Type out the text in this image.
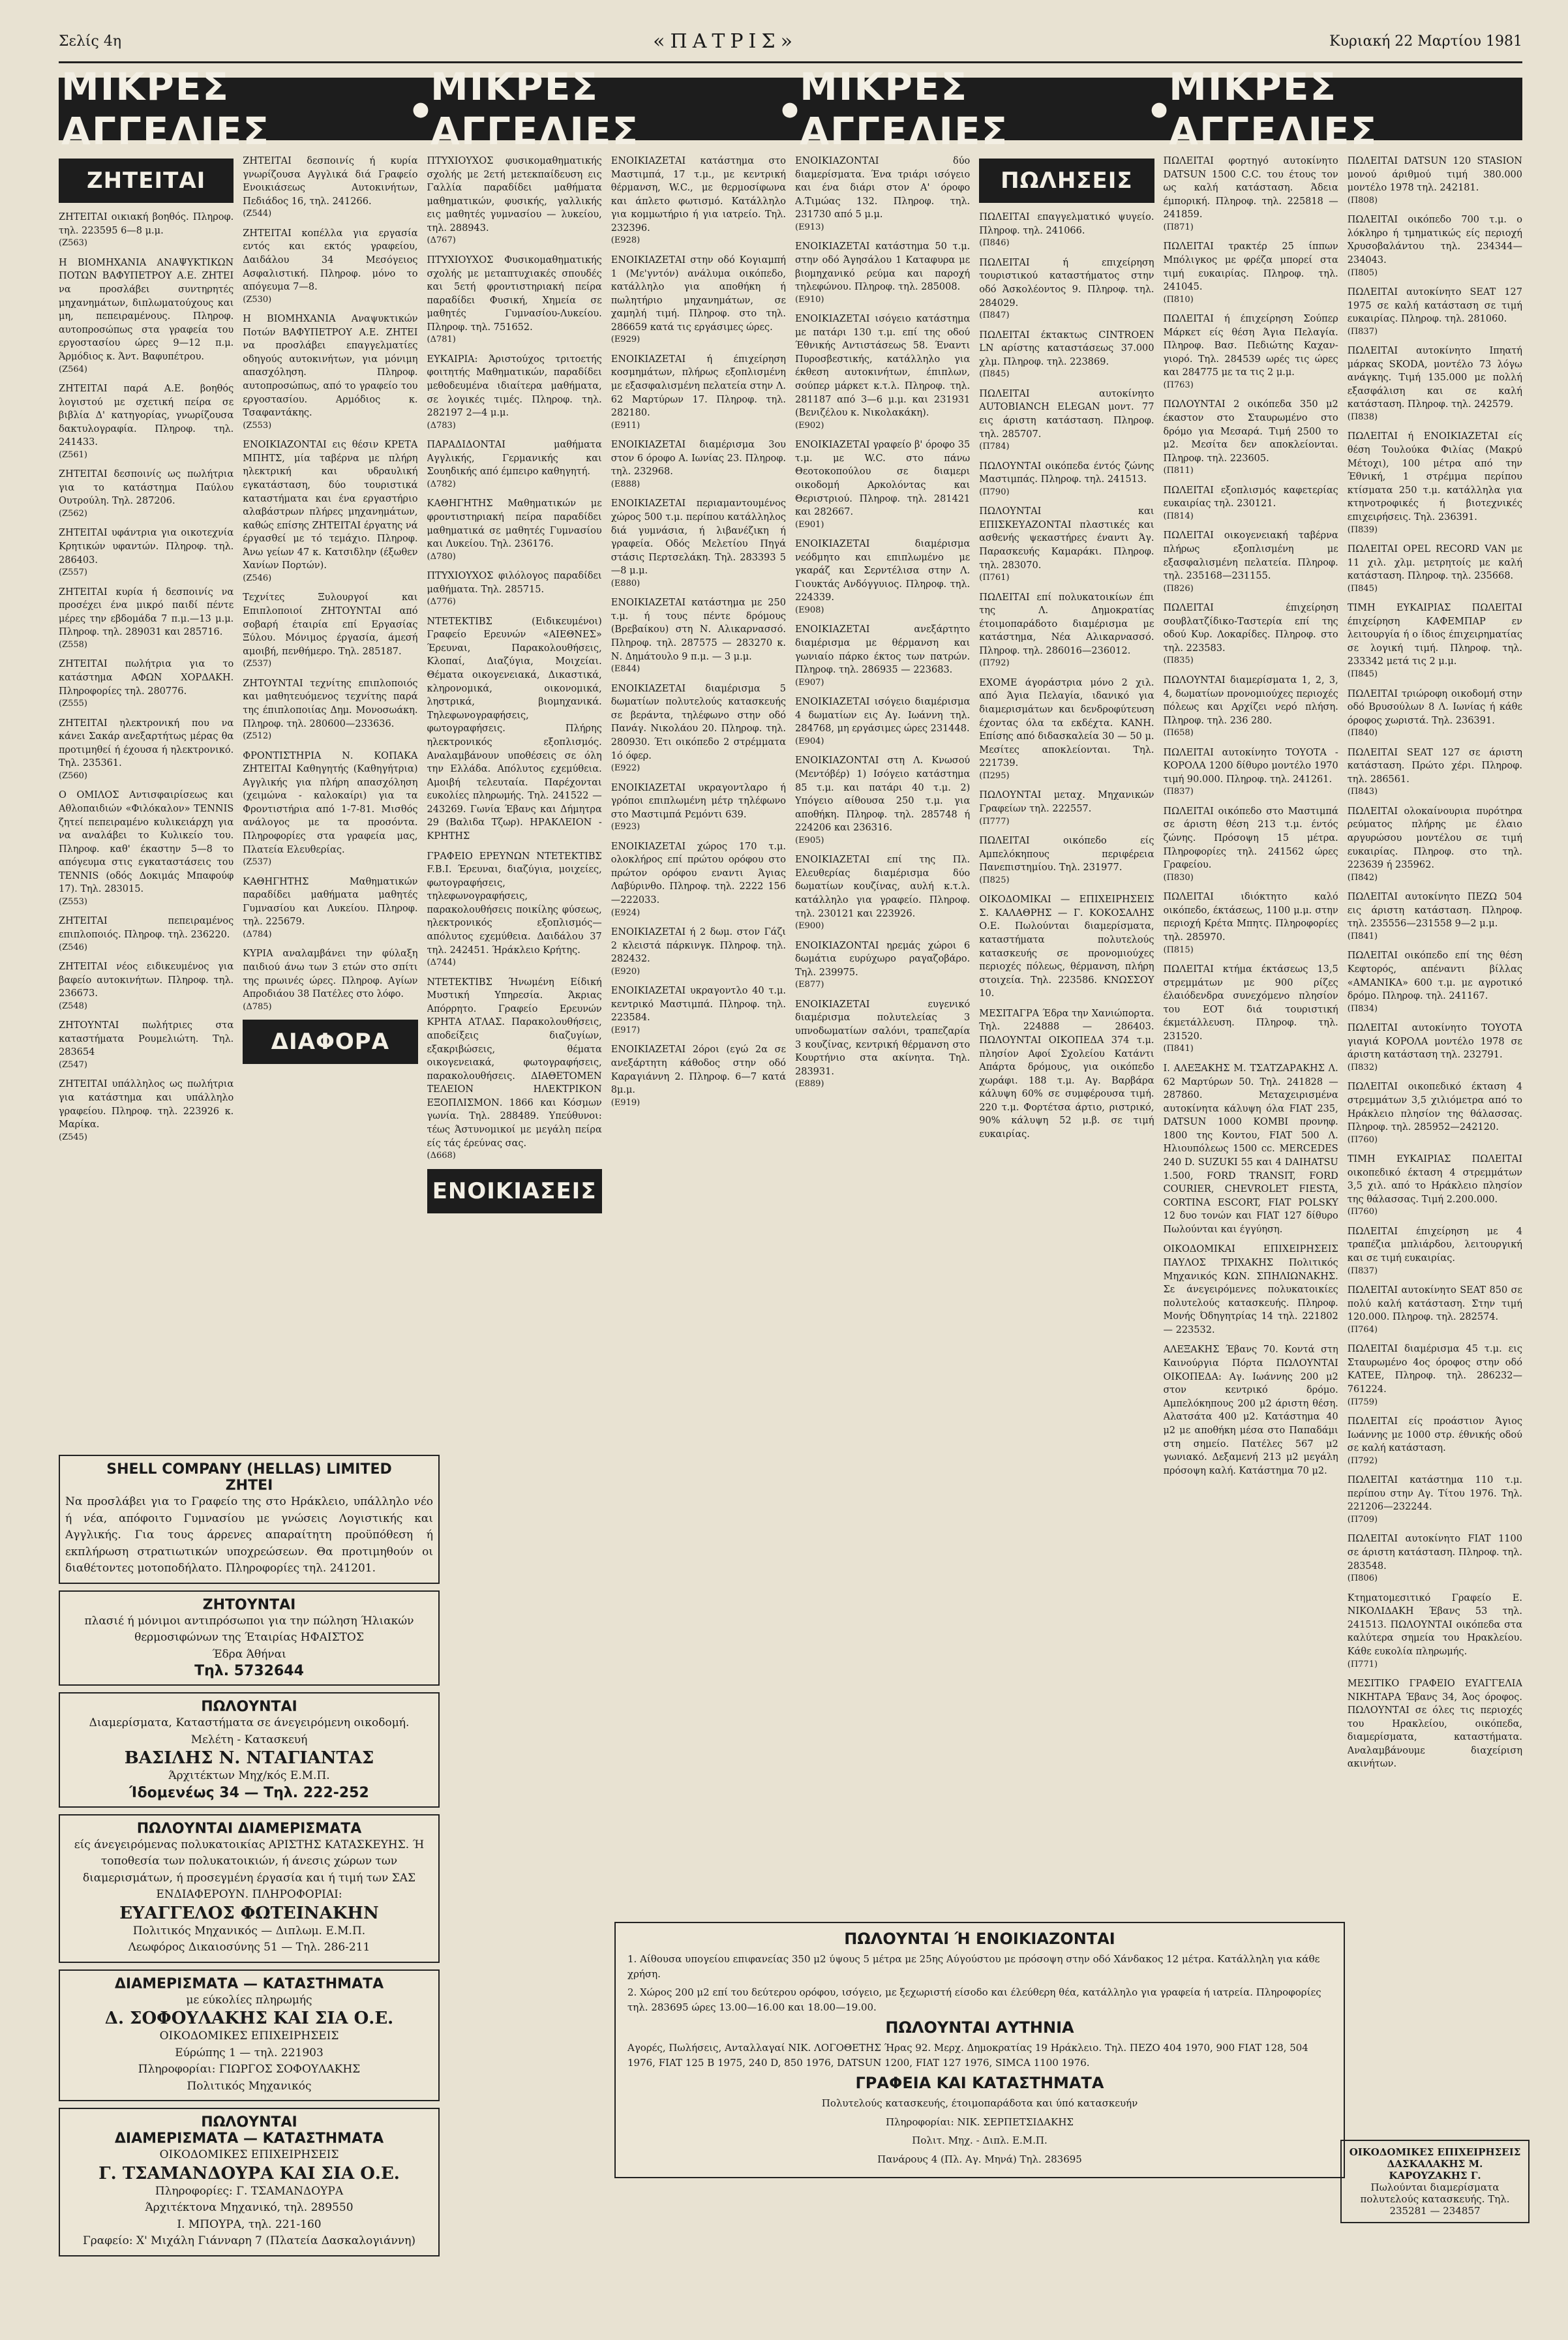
Σελίς 4η	«ΠΑΤΡΙΣ»	Κυριακή 22 Μαρτίου 1981
ΜΙΚΡΕΣ ΑΓΓΕΛΙΕΣ	● ΜΙΚΡΕΣ ΑΓΓΕΛΙΕΣ	● ΜΙΚΡΕΣ ΑΓΓΕΛΙΕΣ	● ΜΙΚΡΕΣ ΑΓΓΕΛΙΕΣ
ΖΗΤΕΙΤΑΙ
ΖΗΤΕΙΤΑΙ οικιακή βοηθός. Πληροφ. τηλ. 223595 6—8 μ.μ.
(Ζ563)
Η ΒΙΟΜΗΧΑΝΙΑ ΑΝΑΨΥΚΤΙΚΩΝ ΠΟΤΩΝ ΒΑΦΥΠΕΤΡΟΥ Α.Ε. ΖΗΤΕΙ να προσλάβει συντηρητές μηχανημάτων, διπλωματούχους και μη, πεπειραμένους. Πληροφ. αυτοπροσώπως στα γραφεία του εργοστασίου ώρες 9—12 π.μ. Άρμόδιος κ. Άντ. Βαφυπέτρου.
(Ζ564)
ΖΗΤΕΙΤΑΙ παρά Α.Ε. βοηθός λογιστού με σχετική πείρα σε βιβλία Δ' κατηγορίας, γνωρίζουσα δακτυλογραφία. Πληροφ. τηλ. 241433.
(Ζ561)
ΖΗΤΕΙΤΑΙ δεσποινίς ως πωλήτρια για το κατάστημα Παύλου Ουτρούλη. Τηλ. 287206.
(Ζ562)
ΖΗΤΕΙΤΑΙ υφάντρια για οικοτεχνία Κρητικών υφαντών. Πληροφ. τηλ. 286403.
(Ζ557)
ΖΗΤΕΙΤΑΙ κυρία ή δεσποινίς να προσέχει ένα μικρό παιδί πέντε μέρες την εβδομάδα 7 π.μ.—13 μ.μ. Πληροφ. τηλ. 289031 και 285716.
(Ζ558)
ΖΗΤΕΙΤΑΙ πωλήτρια για το κατάστημα ΑΦΩΝ ΧΟΡΔΑΚΗ. Πληροφορίες τηλ. 280776.
(Ζ555)
ΖΗΤΕΙΤΑΙ ηλεκτρονική που να κάνει Σακάρ ανεξαρτήτως μέρας θα προτιμηθεί ή έχουσα ή ηλεκτρονικό. Τηλ. 235361.
(Ζ560)
Ο ΟΜΙΛΟΣ Αντισφαιρίσεως και Αθλοπαιδιών «Φιλόκαλον» TENNIS ζητεί πεπειραμένο κυλικειάρχη για να αναλάβει το Κυλικείο του. Πληροφ. καθ' έκαστην 5—8 το απόγευμα στις εγκαταστάσεις του TENNIS (οδός Δοκιμάς Μπαφούφ 17). Τηλ. 283015.
(Ζ553)
ΖΗΤΕΙΤΑΙ πεπειραμένος επιπλοποιός. Πληροφ. τηλ. 236220.
(Ζ546)
ΖΗΤΕΙΤΑΙ νέος ειδικευμένος για βαφείο αυτοκινήτων. Πληροφ. τηλ. 236673.
(Ζ548)
ΖΗΤΟΥΝΤΑΙ πωλήτριες στα καταστήματα Ρουμελιώτη. Τηλ. 283654
(Ζ547)
ΖΗΤΕΙΤΑΙ υπάλληλος ως πωλήτρια για κατάστημα και υπάλληλο γραφείου. Πληροφ. τηλ. 223926 κ. Μαρίκα.
(Ζ545)
ΖΗΤΕΙΤΑΙ δεσποινίς ή κυρία γνωρίζουσα Αγγλικά διά Γραφείο Ενοικιάσεως Αυτοκινήτων, Πεδιάδος 16, τηλ. 241266.
(Ζ544)
ΖΗΤΕΙΤΑΙ κοπέλλα για εργασία εντός και εκτός γραφείου, Δαιδάλου 34 Μεσόγειος Ασφαλιστική. Πληροφ. μόνο το απόγευμα 7—8.
(Ζ530)
Η ΒΙΟΜΗΧΑΝΙΑ Αναψυκτικών Ποτών ΒΑΦΥΠΕΤΡΟΥ Α.Ε. ΖΗΤΕΙ να προσλάβει επαγγελματίες οδηγούς αυτοκινήτων, για μόνιμη απασχόληση. Πληροφ. αυτοπροσώπως, από το γραφείο του εργοστασίου. Αρμόδιος κ. Τσαφαντάκης.
(Ζ553)
ΕΝΟΙΚΙΑΖΟΝΤΑΙ εις θέσιν ΚΡΕΤΑ ΜΠΗΤΣ, μία ταβέρνα με πλήρη ηλεκτρική και υδραυλική εγκατάσταση, δύο τουριστικά καταστήματα και ένα εργαστήριο αλαβάστρων πλήρες μηχανημάτων, καθώς επίσης ΖΗΤΕΙΤΑΙ έργατης νά έργασθεί με τό τεμάχιο. Πληροφ. Άνω γείων 47 κ. Κατσιδλην (έξωθεν Χανίων Πορτών).
(Ζ546)
Τεχνίτες Ξυλουργοί και Επιπλοποιοί ΖΗΤΟΥΝΤΑΙ από σοβαρή έταιρία επί Εργασίας Ξύλου. Μόνιμος έργασία, άμεσή αμοιβή, πενθήμερο. Τηλ. 285187.
(Ζ537)
ΖΗΤΟΥΝΤΑΙ τεχνίτης επιπλοποιός και μαθητευόμενος τεχνίτης παρά της έπιπλοποιίας Δημ. Μονοσωάκη. Πληροφ. τηλ. 280600—233636.
(Ζ512)
ΦΡΟΝΤΙΣΤΗΡΙΑ Ν. ΚΟΠΑΚΑ ΖΗΤΕΙΤΑΙ Καθηγητής (Καθηγήτρια) Αγγλικής για πλήρη απασχόληση (χειμώνα - καλοκαίρι) για τα Φροντιστήρια από 1-7-81. Μισθός ανάλογος με τα προσόντα. Πληροφορίες στα γραφεία μας, Πλατεία Ελευθερίας.
(Ζ537)
ΚΑΘΗΓΗΤΗΣ Μαθηματικών παραδίδει μαθήματα μαθητές Γυμνασίου και Λυκείου. Πληροφ. τηλ. 225679.
(Δ784)
ΚΥΡΙΑ αναλαμβάνει την φύλαξη παιδιού άνω των 3 ετών στο σπίτι της πρωινές ώρες. Πληροφ. Αγίων Απροδιάου 38 Πατέλες στο λόφο.
(Δ785)
ΔΙΑΦΟΡΑ
ΠΤΥΧΙΟΥΧΟΣ φυσικομαθηματικής σχολής με 2ετή μετεκπαίδευση εις Γαλλία παραδίδει μαθήματα μαθηματικών, φυσικής, γαλλικής εις μαθητές γυμνασίου — λυκείου, τηλ. 288943.
(Δ767)
ΠΤΥΧΙΟΥΧΟΣ Φυσικομαθηματικής σχολής με μεταπτυχιακές σπουδές και 5ετή φροντιστηριακή πείρα παραδίδει Φυσική, Χημεία σε μαθητές Γυμνασίου-Λυκείου. Πληροφ. τηλ. 751652.
(Δ781)
ΕΥΚΑΙΡΙΑ: Άριστούχος τριτοετής φοιτητής Μαθηματικών, παραδίδει μεθοδευμένα ιδιαίτερα μαθήματα, σε λογικές τιμές. Πληροφ. τηλ. 282197 2—4 μ.μ.
(Δ783)
ΠΑΡΑΔΙΔΟΝΤΑΙ μαθήματα Αγγλικής, Γερμανικής και Σουηδικής από έμπειρο καθηγητή.
(Δ782)
ΚΑΘΗΓΗΤΗΣ Μαθηματικών με φροντιστηριακή πείρα παραδίδει μαθηματικά σε μαθητές Γυμνασίου και Λυκείου. Τηλ. 236176.
(Δ780)
ΠΤΥΧΙΟΥΧΟΣ φιλόλογος παραδίδει μαθήματα. Τηλ. 285715.
(Δ776)
ΝΤΕΤΕΚΤΙΒΣ (Ειδικευμένοι) Γραφείο Ερευνών «ΑΙΕΘΝΕΣ» Έρευναι, Παρακολουθήσεις, Κλοπαί, Διαζύγια, Μοιχείαι. Θέματα οικογενειακά, Δικαστικά, κληρονομικά, οικονομικά, ληστρικά, βιομηχανικά. Τηλεφωνογραφήσεις, φωτογραφήσεις. Πλήρης ηλεκτρονικός εξοπλισμός. Αναλαμβάνουν υποθέσεις σε όλη την Ελλάδα. Απόλυτος εχεμύθεια. Αμοιβή τελευταία. Παρέχονται ευκολίες πληρωμής. Τηλ. 241522 — 243269. Γωνία Έβανς και Δήμητρα 29 (Βαλιδα Τζωρ). ΗΡΑΚΛΕΙΟΝ - ΚΡΗΤΗΣ
ΓΡΑΦΕΙΟ ΕΡΕΥΝΩΝ ΝΤΕΤΕΚΤΙΒΣ F.B.I. Έρευναι, διαζύγια, μοιχείες, φωτογραφήσεις, τηλεφωνογραφήσεις, παρακολουθήσεις ποικίλης φύσεως, ηλεκτρονικός εξοπλισμός—απόλυτος εχεμύθεια. Δαιδάλου 37 τηλ. 242451. Ήράκλειο Κρήτης.
(Δ744)
ΝΤΕΤΕΚΤΙΒΣ Ήνωμένη Είδική Μυστική Υπηρεσία. Άκριας Απόρρητο. Γραφείο Ερευνών ΚΡΗΤΑ ΑΤΛΑΣ. Παρακολουθήσεις, αποδείξεις διαζυγίων, εξακριβώσεις, θέματα οικογενειακά, φωτογραφήσεις, παρακολουθήσεις. ΔΙΑΘΕΤΟΜΕΝ ΤΕΛΕΙΟΝ ΗΛΕΚΤΡΙΚΟΝ ΕΞΟΠΛΙΣΜΟΝ. 1866 και Κόσμων γωνία. Τηλ. 288489. Υπεύθυνοι: τέως Άστυνομικοί με μεγάλη πείρα είς τάς έρεύνας σας.
(Δ668)
ΕΝΟΙΚΙΑΣΕΙΣ
ΕΝΟΙΚΙΑΖΕΤΑΙ κατάστημα στο Μαστιμπά, 17 τ.μ., με κεντρική θέρμανση, W.C., με θερμοσίφωνα και άπλετο φωτισμό. Κατάλληλο για κομμωτήριο ή για ιατρείο. Τηλ. 232396.
(Ε928)
ΕΝΟΙΚΙΑΖΕΤΑΙ στην οδό Κογιαμπή 1 (Με'γντόν) ανάλυμα οικόπεδο, κατάλληλο για αποθήκη ή πωλητήριο μηχανημάτων, σε χαμηλή τιμή. Πληροφ. στο τηλ. 286659 κατά τις εργάσιμες ώρες.
(Ε929)
ΕΝΟΙΚΙΑΖΕΤΑΙ ή έπιχείρηση κοσμημάτων, πλήρως εξοπλισμένη με εξασφαλισμένη πελατεία στην Λ. 62 Μαρτύρων 17. Πληροφ. τηλ. 282180.
(Ε911)
ΕΝΟΙΚΙΑΖΕΤΑΙ διαμέρισμα 3ου στον 6 όροφο Α. Ιωνίας 23. Πληροφ. τηλ. 232968.
(Ε888)
ΕΝΟΙΚΙΑΖΕΤΑΙ περιαμαντουμένος χώρος 500 τ.μ. περίπου κατάλληλος διά γυμνάσια, ή λιβανέζικη ή γραφεία. Οδός Μελετίου Πηγά στάσις Περτσελάκη. Τηλ. 283393 5—8 μ.μ.
(Ε880)
ΕΝΟΙΚΙΑΖΕΤΑΙ κατάστημα με 250 τ.μ. ή τους πέντε δρόμους (Βρεβαίκου) στη Ν. Αλικαρνασσό. Πληροφ. τηλ. 287575 — 283270 κ. Ν. Δημάτουλο 9 π.μ. — 3 μ.μ.
(Ε844)
ΕΝΟΙΚΙΑΖΕΤΑΙ διαμέρισμα 5 δωματίων πολυτελούς κατασκευής σε βεράντα, τηλέφωνο στην οδό Πανάγ. Νικολάου 20. Πληροφ. τηλ. 280930. Έτι οικόπεδο 2 στρέμματα 1ό όφερ.
(Ε922)
ΕΝΟΙΚΙΑΖΕΤΑΙ υκραγοντλαρο ή γρόποι επιπλωμένη μέτρ τηλέφωνο στο Μαστιμπά Ρεμόντι 639.
(Ε923)
ΕΝΟΙΚΙΑΖΕΤΑΙ χώρος 170 τ.μ. ολοκλήρος επί πρώτου ορόφου στο πρώτον ορόφου εναντι Άγιας Λαβύρινθο. Πληροφ. τηλ. 2222 156—222033.
(Ε924)
ΕΝΟΙΚΙΑΖΕΤΑΙ ή 2 δωμ. στον Γάζι 2 κλειστά πάρκινγκ. Πληροφ. τηλ. 282432.
(Ε920)
ΕΝΟΙΚΙΑΖΕΤΑΙ υκραγοντλο 40 τ.μ. κεντρικό Μαστιμπά. Πληροφ. τηλ. 223584.
(Ε917)
ΕΝΟΙΚΙΑΖΕΤΑΙ 2όροι (εγώ 2α σε ανεξάρτητη κάθοδος στην οδό Καραγιάννη 2. Πληροφ. 6—7 κατά 8μ.μ.
(Ε919)
ΕΝΟΙΚΙΑΖΟΝΤΑΙ δύο διαμερίσματα. Ένα τριάρι ισόγειο και ένα διάρι στον Α' όροφο Α.Τιμώας 132. Πληροφ. τηλ. 231730 από 5 μ.μ.
(Ε913)
ΕΝΟΙΚΙΑΖΕΤΑΙ κατάστημα 50 τ.μ. στην οδό Άγησάλου 1 Καταφυρα με βιομηχανικό ρεύμα και παροχή τηλεφώνου. Πληροφ. τηλ. 285008.
(Ε910)
ΕΝΟΙΚΙΑΖΕΤΑΙ ισόγειο κατάστημα με πατάρι 130 τ.μ. επί της οδού Έθνικής Αντιστάσεως 58. Έναντι Πυροσβεστικής, κατάλληλο για έκθεση αυτοκινήτων, έπιπλων, σούπερ μάρκετ κ.τ.λ. Πληροφ. τηλ. 281187 από 3—6 μ.μ. και 231931 (Βενιζέλου κ. Νικολακάκη).
(Ε902)
ΕΝΟΙΚΙΑΖΕΤΑΙ γραφείο β' όροφο 35 τ.μ. με W.C. στο πάνω Θεοτοκοπούλου σε διαμερι οικοδομή Αρκολόντας και Θεριστριού. Πληροφ. τηλ. 281421 και 282667.
(Ε901)
ΕΝΟΙΚΙΑΖΕΤΑΙ διαμέρισμα νεόδμητο και επιπλωμένο με γκαράζ και Σερντέλισα στην Λ. Γιουκτάς Ανδόγγυιος. Πληροφ. τηλ. 224339.
(Ε908)
ΕΝΟΙΚΙΑΖΕΤΑΙ ανεξάρτητο διαμέρισμα με θέρμανση και γωνιαίο πάρκο έκτος των πατρών. Πληροφ. τηλ. 286935 — 223683.
(Ε907)
ΕΝΟΙΚΙΑΖΕΤΑΙ ισόγειο διαμέρισμα 4 δωματίων εις Αγ. Ιωάννη τηλ. 284768, μη εργάσιμες ώρες 231448.
(Ε904)
ΕΝΟΙΚΙΑΖΟΝΤΑΙ στη Λ. Κνωσού (Μεντόβέρ) 1) Ισόγειο κατάστημα 85 τ.μ. και πατάρι 40 τ.μ. 2) Υπόγειο αίθουσα 250 τ.μ. για αποθήκη. Πληροφ. τηλ. 285748 ή 224206 και 236316.
(Ε905)
ΕΝΟΙΚΙΑΖΕΤΑΙ επί της Πλ. Ελευθερίας διαμέρισμα δύο δωματίων κουζίνας, αυλή κ.τ.λ. κατάλληλο για γραφείο. Πληροφ. τηλ. 230121 και 223926.
(Ε900)
ΕΝΟΙΚΙΑΖΟΝΤΑΙ ηρεμάς χώροι 6 δωμάτια ευρύχωρο ραγαζοβάρο. Τηλ. 239975.
(Ε877)
ΕΝΟΙΚΙΑΖΕΤΑΙ ευγενικό διαμέρισμα πολυτελείας 3 υπνοδωματίων σαλόνι, τραπεζαρία 3 κουζίνας, κεντρική θέρμανση στο Κουρτήνιο στα ακίνητα. Τηλ. 283931.
(Ε889)
ΠΩΛΗΣΕΙΣ
ΠΩΛΕΙΤΑΙ επαγγελματικό ψυγείο. Πληροφ. τηλ. 241066.
(Π846)
ΠΩΛΕΙΤΑΙ ή επιχείρηση τουριστικού καταστήματος στην οδό Άσκολέοντος 9. Πληροφ. τηλ. 284029.
(Π847)
ΠΩΛΕΙΤΑΙ έκτακτως CINTROEN LN αρίστης καταστάσεως 37.000 χλμ. Πληροφ. τηλ. 223869.
(Π845)
ΠΩΛΕΙΤΑΙ αυτοκίνητο AUTOBIANCH ELEGAN μοντ. 77 εις άριστη κατάσταση. Πληροφ. τηλ. 285707.
(Π784)
ΠΩΛΟΥΝΤΑΙ οικόπεδα έντός ζώνης Μαστιμπάς. Πληροφ. τηλ. 241513.
(Π790)
ΠΩΛΟΥΝΤΑΙ και ΕΠΙΣΚΕΥΑΖΟΝΤΑΙ πλαστικές και ασθενής ψεκαστήρες έναντι Άγ. Παρασκευής Καμαράκι. Πληροφ. τηλ. 283070.
(Π761)
ΠΩΛΕΙΤΑΙ επί πολυκατοικίων έπι της Λ. Δημοκρατίας έτοιμοπαράδοτο διαμέρισμα με κατάστημα, Νέα Αλικαρνασσό. Πληροφ. τηλ. 286016—236012.
(Π792)
ΕΧΟΜΕ άγοράστρια μόνο 2 χιλ. από Άγια Πελαγία, ιδανικό για διαμερισμάτων και δενδροφύτευση έχοντας όλα τα εκδέχτα. ΚΑΝΗ. Επίσης από διδασκαλεία 30 — 50 μ. Μεσίτες αποκλείονται. Τηλ. 221739.
(Π295)
ΠΩΛΟΥΝΤΑΙ μεταχ. Μηχανικών Γραφείων τηλ. 222557.
(Π777)
ΠΩΛΕΙΤΑΙ οικόπεδο είς Αμπελόκηπους περιφέρεια Πανεπιστημίου. Τηλ. 231977.
(Π825)
ΟΙΚΟΔΟΜΙΚΑΙ — ΕΠΙΧΕΙΡΗΣΕΙΣ Σ. ΚΑΛΑΘΡΗΣ — Γ. ΚΟΚΟΣΑΛΗΣ Ο.Ε. Πωλούνται διαμερίσματα, καταστήματα πολυτελούς κατασκευής σε προνομιούχες περιοχές πόλεως, θέρμανση, πλήρη στοιχεία. Τηλ. 223586. ΚΝΩΣΣΟΥ 10.
ΜΕΣΙΤΑΓΡΑ Έδρα την Χανιώπορτα. Τηλ. 224888 — 286403. ΠΩΛΟΥΝΤΑΙ ΟΙΚΟΠΕΔΑ 374 τ.μ. πλησίον Αφοί Σχολείου Κατάντι Απάρτα δρόμους, για οικόπεδο χωράφι. 188 τ.μ. Αγ. Βαρβάρα κάλυψη 60% σε συμφέρουσα τιμή. 220 τ.μ. Φορτέτσα άρτιο, ριστρικό, 90% κάλυψη 52 μ.β. σε τιμή ευκαιρίας.
ΠΩΛΕΙΤΑΙ φορτηγό αυτοκίνητο DATSUN 1500 C.C. του έτους τον ως καλή κατάσταση. Άδεια έμπορική. Πληροφ. τηλ. 225818 — 241859.
(Π871)
ΠΩΛΕΙΤΑΙ τρακτέρ 25 ίππων Μπόλιγκος με φρέζα μπορεί στα τιμή ευκαιρίας. Πληροφ. τηλ. 241045.
(Π810)
ΠΩΛΕΙΤΑΙ ή έπιχείρηση Σούπερ Μάρκετ είς θέση Άγια Πελαγία. Πληροφ. Βασ. Πεδιώτης Καχαν-γιορό. Τηλ. 284539 ωρές τις ώρες και 284775 με τα τις 2 μ.μ.
(Π763)
ΠΩΛΟΥΝΤΑΙ 2 οικόπεδα 350 μ2 έκαστον στο Σταυρωμένο στο δρόμο για Μεσαρά. Τιμή 2500 το μ2. Μεσίτα δεν αποκλείονται. Πληροφ. τηλ. 223605.
(Π811)
ΠΩΛΕΙΤΑΙ εξοπλισμός καφετερίας ευκαιρίας τηλ. 230121.
(Π814)
ΠΩΛΕΙΤΑΙ οικογενειακή ταβέρνα πλήρως εξοπλισμένη με εξασφαλισμένη πελατεία. Πληροφ. τηλ. 235168—231155.
(Π826)
ΠΩΛΕΙΤΑΙ έπιχείρηση σουβλατζίδικο-Ταστερία επί της οδού Κυρ. Λοκαρίδες. Πληροφ. στο τηλ. 223583.
(Π835)
ΠΩΛΟΥΝΤΑΙ διαμερίσματα 1, 2, 3, 4, δωματίων προνομιούχες περιοχές πόλεως και Αρχίζει νερό πλήση. Πληροφ. τηλ. 236 280.
(Π658)
ΠΩΛΕΙΤΑΙ αυτοκίνητο ΤΟΥΟΤΑ - ΚΟΡΟΛΑ 1200 δίθυρο μοντέλο 1970 τιμή 90.000. Πληροφ. τηλ. 241261.
(Π837)
ΠΩΛΕΙΤΑΙ οικόπεδο στο Μαστιμπά σε άριστη θέση 213 τ.μ. έντός ζώνης. Πρόσοψη 15 μέτρα. Πληροφορίες τηλ. 241562 ώρες Γραφείου.
(Π830)
ΠΩΛΕΙΤΑΙ ιδιόκτητο καλό οικόπεδο, έκτάσεως, 1100 μ.μ. στην περιοχή Κρέτα Μπητς. Πληροφορίες τηλ. 285970.
(Π815)
ΠΩΛΕΙΤΑΙ κτήμα έκτάσεως 13,5 στρεμμάτων με 900 ρίζες έλαιόδενδρα συνεχόμενο πλησίον του ΕΟΤ διά τουριστική έκμετάλλευση. Πληροφ. τηλ. 231520.
(Π841)
Ι. ΑΛΕΞΑΚΗΣ Μ. ΤΣΑΤΖΑΡΑΚΗΣ Λ. 62 Μαρτύρων 50. Τηλ. 241828 — 287860. Μεταχειρισμένα αυτοκίνητα κάλυψη όλα FIAT 235, DATSUN 1000 KOMBI προνηφ. 1800 της Κοντου, FIAT 500 Λ. Ηλιουπόλεως 1500 cc. MERCEDES 240 D. SUZUKI 55 και 4 DAIHATSU 1.500, FORD TRANSIT, FORD COURIER, CHEVROLET FIESTA, CORTINA ESCORT, FIAT POLSKY 12 δυο τονών και FIAT 127 δίθυρο Πωλούνται και έγγύηση.
ΟΙΚΟΔΟΜΙΚΑΙ ΕΠΙΧΕΙΡΗΣΕΙΣ ΠΑΥΛΟΣ ΤΡΙΧΑΚΗΣ Πολιτικός Μηχανικός ΚΩΝ. ΣΠΗΛΙΩΝΑΚΗΣ. Σε άνεγειρόμενες πολυκατοικίες πολυτελούς κατασκευής. Πληροφ. Μονής Όδηγητρίας 14 τηλ. 221802 — 223532.
ΑΛΕΞΑΚΗΣ Έβανς 70. Κοντά στη Καινούργια Πόρτα ΠΩΛΟΥΝΤΑΙ ΟΙΚΟΠΕΔΑ: Αγ. Ιωάννης 200 μ2 στον κεντρικό δρόμο. Αμπελόκηπους 200 μ2 άριστη θέση. Αλατσάτα 400 μ2. Κατάστημα 40 μ2 με αποθήκη μέσα στο Παπαδάμι στη σημείο. Πατέλες 567 μ2 γωνιακό. Δεξαμενή 213 μ2 μεγάλη πρόσοψη καλή. Κατάστημα 70 μ2.
ΠΩΛΕΙΤΑΙ DATSUN 120 STASION μονού άριθμού τιμή 380.000 μοντέλο 1978 τηλ. 242181.
(Π808)
ΠΩΛΕΙΤΑΙ οικόπεδο 700 τ.μ. ο λόκληρο ή τμηματικώς είς περιοχή Χρυσοβαλάντου τηλ. 234344—234043.
(Π805)
ΠΩΛΕΙΤΑΙ αυτοκίνητο SEAT 127 1975 σε καλή κατάσταση σε τιμή ευκαιρίας. Πληροφ. τηλ. 281060.
(Π837)
ΠΩΛΕΙΤΑΙ αυτοκίνητο Ιπηατή μάρκας SKODA, μοντέλο 73 λόγω ανάγκης. Τιμή 135.000 με πολλή εξασφάλιση και σε καλή κατάσταση. Πληροφ. τηλ. 242579.
(Π838)
ΠΩΛΕΙΤΑΙ ή ΕΝΟΙΚΙΑΖΕΤΑΙ είς θέση Τουλούκα Φιλίας (Μακρύ Μέτοχι), 100 μέτρα από την Έθνική, 1 στρέμμα περίπου κτίσματα 250 τ.μ. κατάλληλα για κτηνοτροφικές ή βιοτεχνικές επιχειρήσεις. Τηλ. 236391.
(Π839)
ΠΩΛΕΙΤΑΙ OPEL RECORD VAN με 11 χιλ. χλμ. μετρητοίς με καλή κατάσταση. Πληροφ. τηλ. 235668.
(Π845)
ΤΙΜΗ ΕΥΚΑΙΡΙΑΣ ΠΩΛΕΙΤΑΙ έπιχείρηση ΚΑΦΕΜΠΑΡ εν λειτουργία ή ο ίδιος έπιχειρηματίας σε λογική τιμή. Πληροφ. τηλ. 233342 μετά τις 2 μ.μ.
(Π845)
ΠΩΛΕΙΤΑΙ τριώροφη οικοδομή στην οδό Βρυσούλων 8 Λ. Ιωνίας ή κάθε όροφος χωριστά. Τηλ. 236391.
(Π840)
ΠΩΛΕΙΤΑΙ SEAT 127 σε άριστη κατάσταση. Πρώτο χέρι. Πληροφ. τηλ. 286561.
(Π843)
ΠΩΛΕΙΤΑΙ ολοκαίνουρια πυρότηρα ρεύματος πλήρης με έλαιο αργυρώσου μοντέλου σε τιμή ευκαιρίας. Πληροφ. στο τηλ. 223639 ή 235962.
(Π842)
ΠΩΛΕΙΤΑΙ αυτοκίνητο ΠΕΖΩ 504 εις άριστη κατάσταση. Πληροφ. τηλ. 235556—231558 9—2 μ.μ.
(Π841)
ΠΩΛΕΙΤΑΙ οικόπεδο επί της θέση Κεφτορός, απέναντι βίλλας «ΑΜΑΝΙΚΑ» 600 τ.μ. με αγροτικό δρόμο. Πληροφ. τηλ. 241167.
(Π834)
ΠΩΛΕΙΤΑΙ αυτοκίνητο ΤΟΥΟΤΑ γιαγιά ΚΟΡΟΛΑ μοντέλο 1978 σε άριστη κατάσταση τηλ. 232791.
(Π832)
ΠΩΛΕΙΤΑΙ οικοπεδικό έκταση 4 στρεμμάτων 3,5 χιλιόμετρα από το Ηράκλειο πλησίον της θάλασσας. Πληροφ. τηλ. 285952—242120.
(Π760)
ΤΙΜΗ ΕΥΚΑΙΡΙΑΣ ΠΩΛΕΙΤΑΙ οικοπεδικό έκταση 4 στρεμμάτων 3,5 χιλ. από το Ηράκλειο πλησίον της θάλασσας. Τιμή 2.200.000.
(Π760)
ΠΩΛΕΙΤΑΙ έπιχείρηση με 4 τραπέζια μπλιάρδου, λειτουργική και σε τιμή ευκαιρίας.
(Π837)
ΠΩΛΕΙΤΑΙ αυτοκίνητο SEAT 850 σε πολύ καλή κατάσταση. Στην τιμή 120.000. Πληροφ. τηλ. 282574.
(Π764)
ΠΩΛΕΙΤΑΙ διαμέρισμα 45 τ.μ. εις Σταυρωμένο 4ος όροφος στην οδό ΚΑΤΕΕ, Πληροφ. τηλ. 286232—761224.
(Π759)
ΠΩΛΕΙΤΑΙ είς προάστιον Άγιος Ιωάννης με 1000 στρ. έθνικής οδού σε καλή κατάσταση.
(Π792)
ΠΩΛΕΙΤΑΙ κατάστημα 110 τ.μ. περίπου στην Αγ. Τίτου 1976. Τηλ. 221206—232244.
(Π709)
ΠΩΛΕΙΤΑΙ αυτοκίνητο FIAT 1100 σε άριστη κατάσταση. Πληροφ. τηλ. 283548.
(Π806)
Κτηματομεσιτικό Γραφείο Ε. ΝΙΚΟΛΙΔΑΚΗ Έβανς 53 τηλ. 241513. ΠΩΛΟΥΝΤΑΙ οικόπεδα στα καλύτερα σημεία του Ηρακλείου. Κάθε ευκολία πληρωμής.
(Π771)
ΜΕΣΙΤΙΚΟ ΓΡΑΦΕΙΟ ΕΥΑΓΓΕΛΙΑ ΝΙΚΗΤΑΡΑ Έβανς 34, Άος όροφος. ΠΩΛΟΥΝΤΑΙ σε όλες τις περιοχές του Ηρακλείου, οικόπεδα, διαμερίσματα, καταστήματα. Αναλαμβάνουμε διαχείριση ακινήτων.
SHELL COMPANY (HELLAS) LIMITED
ΖΗΤΕΙ
Να προσλάβει για το Γραφείο της στο Ηράκλειο, υπάλληλο νέο ή νέα, απόφοιτο Γυμνασίου με γνώσεις Λογιστικής και Αγγλικής. Για τους άρρενες απαραίτητη προϋπόθεση ή εκπλήρωση στρατιωτικών υποχρεώσεων. Θα προτιμηθούν οι διαθέτοντες μοτοποδήλατο. Πληροφορίες τηλ. 241201.
ΖΗΤΟΥΝΤΑΙ
πλασιέ ή μόνιμοι αντιπρόσωποι για την πώληση Ήλιακών θερμοσιφώνων της Έταιρίας ΗΦΑΙΣΤΟΣ
Έδρα Άθήναι
Τηλ. 5732644
ΠΩΛΟΥΝΤΑΙ
Διαμερίσματα, Καταστήματα σε άνεγειρόμενη οικοδομή.
Μελέτη - Κατασκευή
ΒΑΣΙΛΗΣ Ν. ΝΤΑΓΙΑΝΤΑΣ
Άρχιτέκτων Μηχ/κός Ε.Μ.Π.
Ίδομενέως 34 — Τηλ. 222-252
ΠΩΛΟΥΝΤΑΙ ΔΙΑΜΕΡΙΣΜΑΤΑ
είς άνεγειρόμενας πολυκατοικίας ΑΡΙΣΤΗΣ ΚΑΤΑΣΚΕΥΗΣ. Ή τοποθεσία των πολυκατοικιών, ή άνεσις χώρων των διαμερισμάτων, ή προσεγμένη έργασία και ή τιμή των ΣΑΣ ΕΝΔΙΑΦΕΡΟΥΝ. ΠΛΗΡΟΦΟΡΙΑΙ:
ΕΥΑΓΓΕΛΟΣ ΦΩΤΕΙΝΑΚΗΝ
Πολιτικός Μηχανικός — Διπλωμ. Ε.Μ.Π.
Λεωφόρος Δικαιοσύνης 51 — Τηλ. 286-211
ΔΙΑΜΕΡΙΣΜΑΤΑ — ΚΑΤΑΣΤΗΜΑΤΑ
με εύκολίες πληρωμής
Δ. ΣΟΦΟΥΛΑΚΗΣ ΚΑΙ ΣΙΑ Ο.Ε.
ΟΙΚΟΔΟΜΙΚΕΣ ΕΠΙΧΕΙΡΗΣΕΙΣ
Εύρώπης 1 — τηλ. 221903
Πληροφορίαι: ΓΙΩΡΓΟΣ ΣΟΦΟΥΛΑΚΗΣ
Πολιτικός Μηχανικός
ΠΩΛΟΥΝΤΑΙ
ΔΙΑΜΕΡΙΣΜΑΤΑ — ΚΑΤΑΣΤΗΜΑΤΑ
ΟΙΚΟΔΟΜΙΚΕΣ ΕΠΙΧΕΙΡΗΣΕΙΣ
Γ. ΤΣΑΜΑΝΔΟΥΡΑ ΚΑΙ ΣΙΑ Ο.Ε.
Πληροφορίες: Γ. ΤΣΑΜΑΝΔΟΥΡΑ
Άρχιτέκτονα Μηχανικό, τηλ. 289550
Ι. ΜΠΟΥΡΑ, τηλ. 221-160
Γραφείο: Χ' Μιχάλη Γιάνναρη 7 (Πλατεία Δασκαλογιάννη)
ΠΩΛΟΥΝΤΑΙ Ή ΕΝΟΙΚΙΑΖΟΝΤΑΙ
1. Αίθουσα υπογείου επιφανείας 350 μ2 ύψους 5 μέτρα με 25ης Αύγούστου με πρόσοψη στην οδό Χάνδακος 12 μέτρα. Κατάλληλη για κάθε χρήση.
2. Χώρος 200 μ2 επί του δεύτερου ορόφου, ισόγειο, με ξεχωριστή είσοδο και έλεύθερη θέα, κατάλληλο για γραφεία ή ιατρεία. Πληροφορίες τηλ. 283695 ώρες 13.00—16.00 και 18.00—19.00.
ΠΩΛΟΥΝΤΑΙ ΑΥΤΗΝΙΑ
Αγορές, Πωλήσεις, Ανταλλαγαί ΝΙΚ. ΛΟΓΟΘΕΤΗΣ Ήρας 92. Μερχ. Δημοκρατίας 19 Ηράκλειο. Τηλ. ΠΕΖΟ 404 1970, 900 FIAT 128, 504 1976, FIAT 125 Β 1975, 240 D, 850 1976, DATSUN 1200, FIAT 127 1976, SIMCA 1100 1976.
ΓΡΑΦΕΙΑ ΚΑΙ ΚΑΤΑΣΤΗΜΑΤΑ
Πολυτελούς κατασκευής, έτοιμοπαράδοτα και ύπό κατασκευήν
Πληροφορίαι: ΝΙΚ. ΣΕΡΠΕΤΣΙΔΑΚΗΣ
Πολιτ. Μηχ. - Διπλ. Ε.Μ.Π.
Πανάρους 4 (Πλ. Αγ. Μηνά) Τηλ. 283695
ΟΙΚΟΔΟΜΙΚΕΣ ΕΠΙΧΕΙΡΗΣΕΙΣ ΔΑΣΚΑΛΑΚΗΣ Μ. ΚΑΡΟΥΖΑΚΗΣ Γ.
Πωλούνται διαμερίσματα πολυτελούς κατασκευής. Τηλ. 235281 — 234857
